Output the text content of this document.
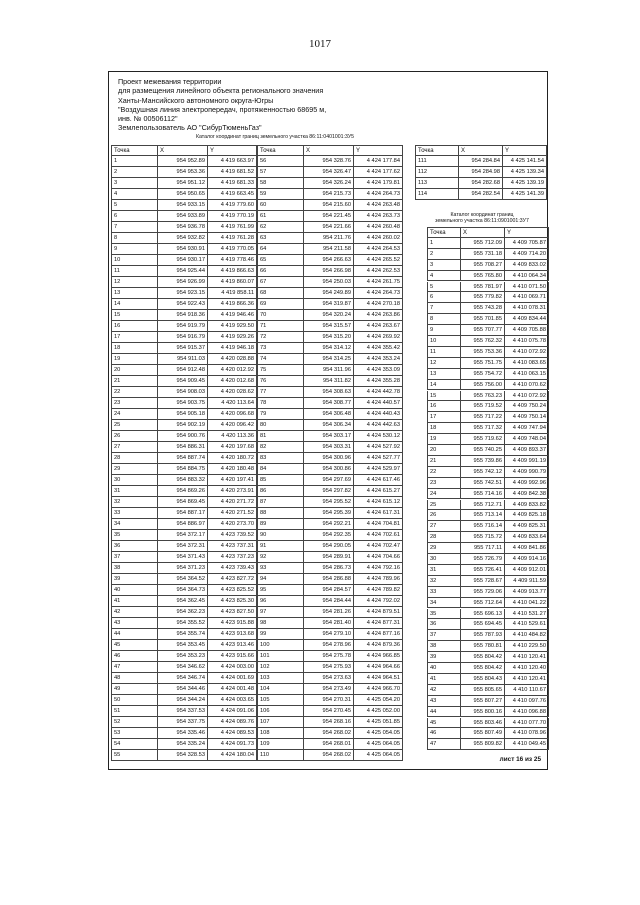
1017
Проект межевания территории
для размещения линейного объекта регионального значения
Ханты-Мансийского автономного округа-Югры
"Воздушная линия электропередач, протяженностью 68695 м,
инв. № 00506112"
Землепользователь АО "СибурТюменьГаз"
Каталог координат границ земельного участка 86:11:0401001:3У5
Каталог координат границ
земельного участка 86:11:0901001:3У7
Точка	X	Y
1	954 952.89	4 419 663.97
2	954 953.36	4 419 681.52
3	954 951.12	4 419 681.33
4	954 950.65	4 419 663.45
5	954 933.15	4 419 779.60
6	954 933.89	4 419 770.19
7	954 936.78	4 419 761.99
8	954 932.82	4 419 761.28
9	954 930.91	4 419 770.05
10	954 930.17	4 419 778.46
11	954 925.44	4 419 866.63
12	954 926.99	4 419 860.07
13	954 923.15	4 419 858.11
14	954 922.43	4 419 866.36
15	954 918.36	4 419 946.46
16	954 919.79	4 419 929.50
17	954 916.79	4 419 929.26
18	954 915.37	4 419 946.18
19	954 911.03	4 420 028.88
20	954 912.48	4 420 012.92
21	954 909.45	4 420 012.68
22	954 908.03	4 420 028.62
23	954 903.75	4 420 113.64
24	954 905.18	4 420 096.68
25	954 902.19	4 420 096.42
26	954 900.76	4 420 113.36
27	954 886.31	4 420 197.68
28	954 887.74	4 420 180.72
29	954 884.75	4 420 180.48
30	954 883.32	4 420 197.41
31	954 869.26	4 420 273.91
32	954 869.45	4 420 271.72
33	954 887.17	4 420 271.52
34	954 886.97	4 420 273.70
35	954 372.17	4 423 739.52
36	954 372.31	4 423 737.31
37	954 371.43	4 423 737.23
38	954 371.23	4 423 739.43
39	954 364.52	4 423 827.72
40	954 364.73	4 423 825.52
41	954 362.45	4 423 825.30
42	954 362.23	4 423 827.50
43	954 355.52	4 423 915.88
44	954 355.74	4 423 913.68
45	954 353.45	4 423 913.46
46	954 353.23	4 423 915.66
47	954 346.62	4 424 003.00
48	954 346.74	4 424 001.69
49	954 344.46	4 424 001.48
50	954 344.24	4 424 003.65
51	954 337.53	4 424 091.06
52	954 337.75	4 424 089.76
53	954 335.46	4 424 089.53
54	954 335.24	4 424 091.73
55	954 328.53	4 424 180.04
Точка	X	Y
56	954 328.76	4 424 177.84
57	954 326.47	4 424 177.62
58	954 326.24	4 424 179.81
59	954 215.73	4 424 264.73
60	954 215.60	4 424 263.48
61	954 221.45	4 424 263.73
62	954 221.66	4 424 260.48
63	954 211.76	4 424 260.02
64	954 211.58	4 424 264.53
65	954 266.63	4 424 265.52
66	954 266.98	4 424 262.53
67	954 250.03	4 424 261.75
68	954 249.89	4 424 264.73
69	954 319.87	4 424 270.18
70	954 320.24	4 424 263.86
71	954 315.57	4 424 263.67
72	954 315.20	4 424 269.92
73	954 314.12	4 424 355.42
74	954 314.25	4 424 353.24
75	954 311.96	4 424 353.09
76	954 311.82	4 424 355.28
77	954 308.63	4 424 442.78
78	954 308.77	4 424 440.57
79	954 306.48	4 424 440.43
80	954 306.34	4 424 442.63
81	954 303.17	4 424 530.12
82	954 303.31	4 424 527.92
83	954 300.96	4 424 527.77
84	954 300.86	4 424 529.97
85	954 297.69	4 424 617.46
86	954 297.82	4 424 615.27
87	954 295.52	4 424 615.12
88	954 295.39	4 424 617.31
89	954 292.21	4 424 704.81
90	954 292.35	4 424 702.61
91	954 290.05	4 424 702.47
92	954 289.91	4 424 704.66
93	954 286.73	4 424 792.16
94	954 286.88	4 424 789.96
95	954 284.57	4 424 789.82
96	954 284.44	4 424 792.02
97	954 281.26	4 424 879.51
98	954 281.40	4 424 877.31
99	954 279.10	4 424 877.16
100	954 278.96	4 424 879.36
101	954 275.78	4 424 966.85
102	954 275.93	4 424 964.66
103	954 273.63	4 424 964.51
104	954 273.49	4 424 966.70
105	954 270.31	4 425 054.20
106	954 270.45	4 425 052.00
107	954 268.16	4 425 051.85
108	954 268.02	4 425 054.05
109	954 268.01	4 425 064.05
110	954 268.02	4 425 064.05
Точка	X	Y
111	954 284.84	4 425 141.54
112	954 284.98	4 425 139.34
113	954 282.68	4 425 139.19
114	954 282.54	4 425 141.39
Точка	X	Y
1	955 712.09	4 409 705.87
2	955 731.18	4 409 714.20
3	955 708.27	4 409 833.02
4	955 765.80	4 410 064.34
5	955 781.97	4 410 071.50
6	955 779.82	4 410 069.71
7	955 743.28	4 410 078.31
8	955 701.85	4 409 834.44
9	955 707.77	4 409 705.88
10	955 762.32	4 410 075.78
11	955 753.36	4 410 072.92
12	955 751.75	4 410 083.65
13	955 754.72	4 410 063.15
14	955 756.00	4 410 070.62
15	955 763.23	4 410 072.92
16	955 719.52	4 409 750.24
17	955 717.22	4 409 750.14
18	955 717.32	4 409 747.94
19	955 719.62	4 409 748.04
20	955 740.25	4 409 893.37
21	955 739.86	4 409 991.19
22	955 742.12	4 409 990.79
23	955 742.51	4 409 992.96
24	955 714.16	4 409 842.38
25	955 712.71	4 409 833.82
26	955 713.14	4 409 825.18
27	955 716.14	4 409 825.31
28	955 715.72	4 409 833.64
29	955 717.11	4 409 841.86
30	955 726.79	4 409 914.16
31	955 726.41	4 409 912.01
32	955 728.67	4 409 911.59
33	955 729.06	4 409 913.77
34	955 712.64	4 410 041.22
35	955 696.13	4 410 531.27
36	955 694.45	4 410 529.61
37	955 787.93	4 410 484.82
38	955 780.81	4 410 229.50
39	955 804.42	4 410 120.41
40	955 804.42	4 410 120.40
41	955 804.43	4 410 120.41
42	955 805.65	4 410 110.67
43	955 807.27	4 410 097.76
44	955 800.16	4 410 096.88
45	955 803.46	4 410 077.70
46	955 807.49	4 410 078.96
47	955 809.82	4 410 049.45
лист 16 из 25
